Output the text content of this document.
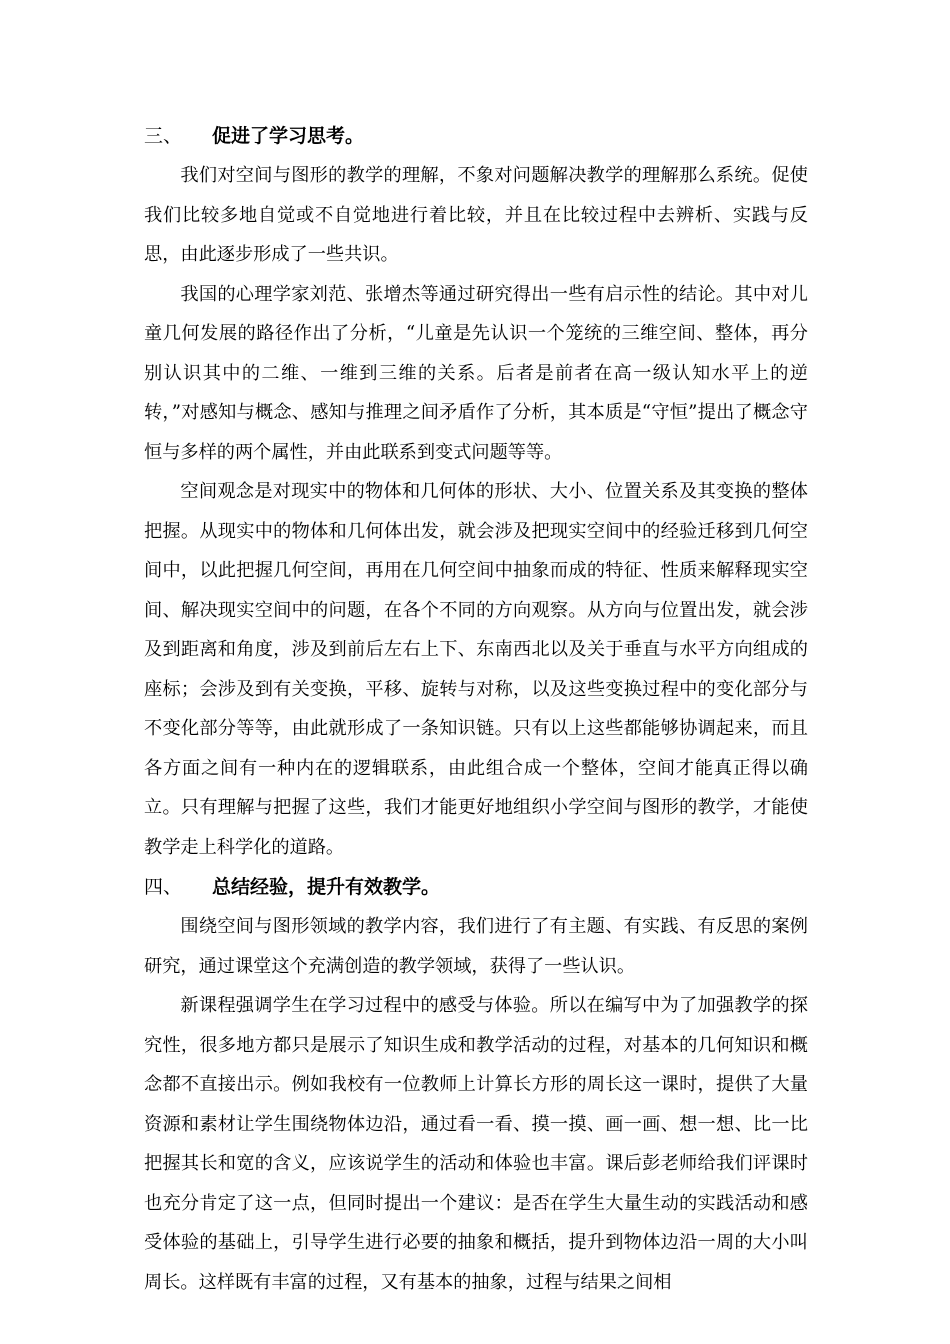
三、 促进了学习思考。

我们对空间与图形的教学的理解，不象对问题解决教学的理解那么系统。促使我们比较多地自觉或不自觉地进行着比较，并且在比较过程中去辨析、实践与反思，由此逐步形成了一些共识。

我国的心理学家刘范、张增杰等通过研究得出一些有启示性的结论。其中对儿童几何发展的路径作出了分析，“儿童是先认识一个笼统的三维空间、整体，再分别认识其中的二维、一维到三维的关系。后者是前者在高一级认知水平上的逆转，”对感知与概念、感知与推理之间矛盾作了分析，其本质是“守恒”提出了概念守恒与多样的两个属性，并由此联系到变式问题等等。

空间观念是对现实中的物体和几何体的形状、大小、位置关系及其变换的整体把握。从现实中的物体和几何体出发，就会涉及把现实空间中的经验迁移到几何空间中，以此把握几何空间，再用在几何空间中抽象而成的特征、性质来解释现实空间、解决现实空间中的问题，在各个不同的方向观察。从方向与位置出发，就会涉及到距离和角度，涉及到前后左右上下、东南西北以及关于垂直与水平方向组成的座标；会涉及到有关变换，平移、旋转与对称，以及这些变换过程中的变化部分与不变化部分等等，由此就形成了一条知识链。只有以上这些都能够协调起来，而且各方面之间有一种内在的逻辑联系，由此组合成一个整体，空间才能真正得以确立。只有理解与把握了这些，我们才能更好地组织小学空间与图形的教学，才能使教学走上科学化的道路。

四、 总结经验，提升有效教学。

围绕空间与图形领域的教学内容，我们进行了有主题、有实践、有反思的案例研究，通过课堂这个充满创造的教学领域，获得了一些认识。

新课程强调学生在学习过程中的感受与体验。所以在编写中为了加强教学的探究性，很多地方都只是展示了知识生成和教学活动的过程，对基本的几何知识和概念都不直接出示。例如我校有一位教师上计算长方形的周长这一课时，提供了大量资源和素材让学生围绕物体边沿，通过看一看、摸一摸、画一画、想一想、比一比把握其长和宽的含义，应该说学生的活动和体验也丰富。课后彭老师给我们评课时也充分肯定了这一点，但同时提出一个建议：是否在学生大量生动的实践活动和感受体验的基础上，引导学生进行必要的抽象和概括，提升到物体边沿一周的大小叫周长。这样既有丰富的过程，又有基本的抽象，过程与结果之间相
